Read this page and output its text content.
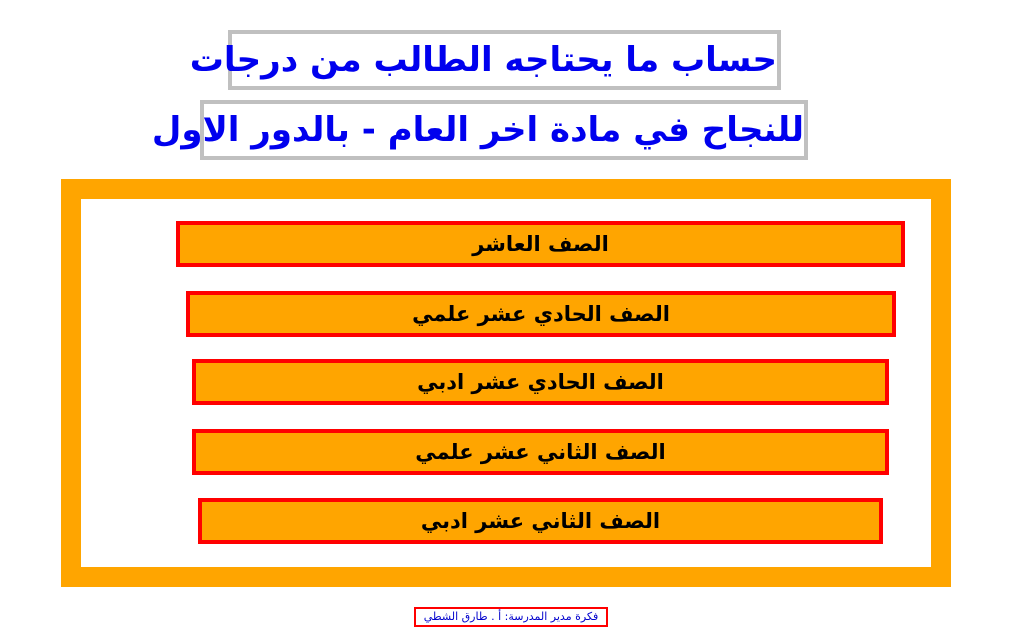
حساب ما يحتاجه الطالب من درجات
للنجاح في مادة اخر العام - بالدور الاول
الصف العاشر
الصف الحادي عشر علمي
الصف الحادي عشر ادبي
الصف الثاني عشر علمي
الصف الثاني عشر ادبي
فكرة مدير المدرسة: أ . طارق الشطي
